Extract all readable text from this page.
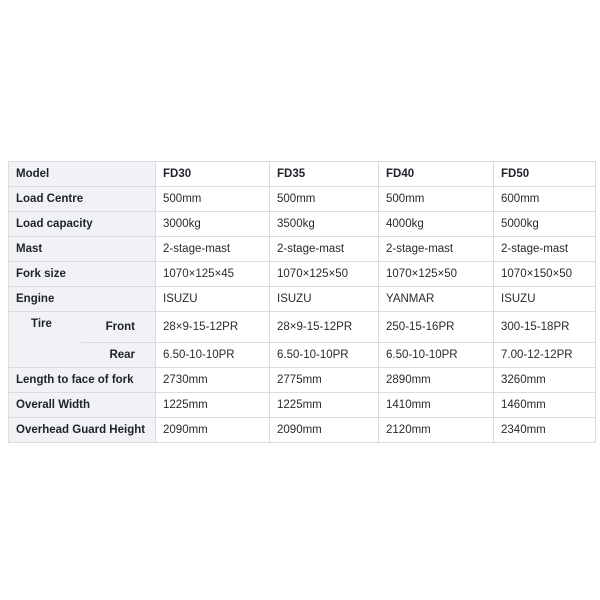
Model		FD30	FD35	FD40	FD50
Load Centre		500mm	500mm	500mm	600mm
Load capacity		3000kg	3500kg	4000kg	5000kg
Mast		2-stage-mast	2-stage-mast	2-stage-mast	2-stage-mast
Fork size		1070×125×45	1070×125×50	1070×125×50	1070×150×50
Engine		ISUZU	ISUZU	YANMAR	ISUZU
Tire	Front	28×9-15-12PR	28×9-15-12PR	250-15-16PR	300-15-18PR
	Rear	6.50-10-10PR	6.50-10-10PR	6.50-10-10PR	7.00-12-12PR
Length to face of fork		2730mm	2775mm	2890mm	3260mm
Overall Width		1225mm	1225mm	1410mm	1460mm
Overhead Guard Height		2090mm	2090mm	2120mm	2340mm
